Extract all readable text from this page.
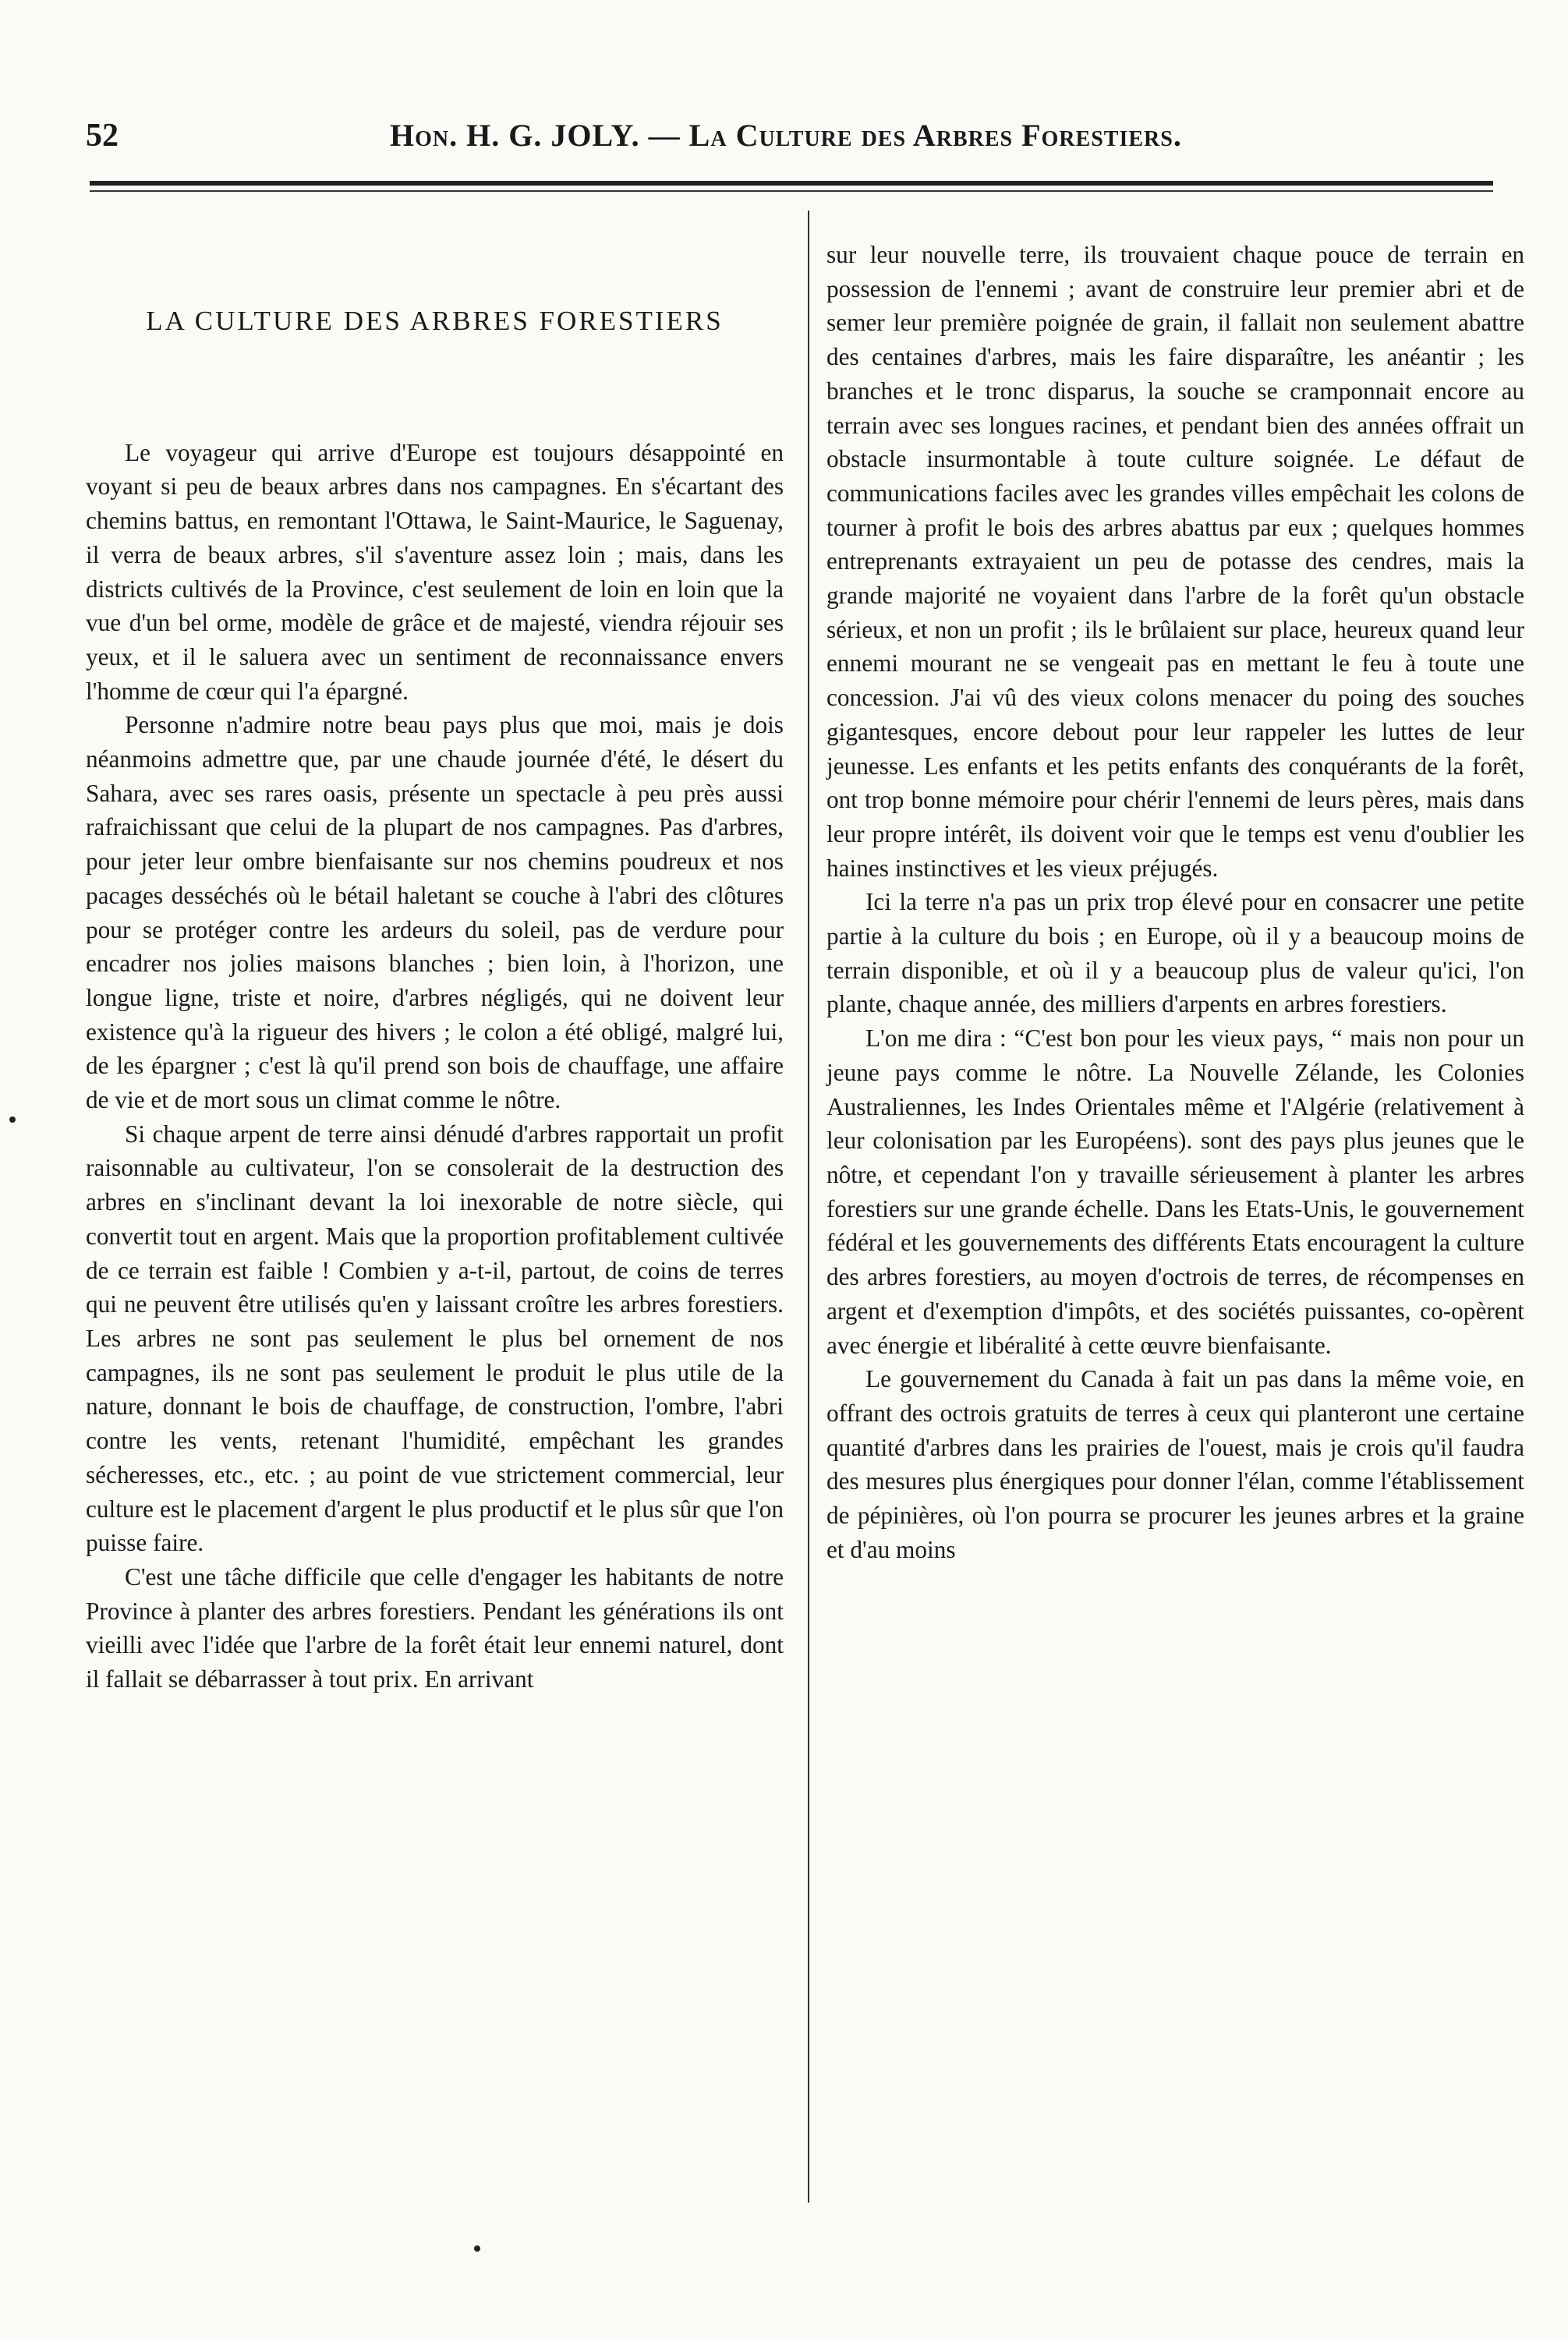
52	Hon. H. G. JOLY. — La Culture des Arbres Forestiers.
LA CULTURE DES ARBRES FORESTIERS

Le voyageur qui arrive d'Europe est toujours désappointé en voyant si peu de beaux arbres dans nos campagnes. En s'écartant des chemins battus, en remontant l'Ottawa, le Saint-Maurice, le Saguenay, il verra de beaux arbres, s'il s'aventure assez loin ; mais, dans les districts cultivés de la Province, c'est seulement de loin en loin que la vue d'un bel orme, modèle de grâce et de majesté, viendra réjouir ses yeux, et il le saluera avec un sentiment de reconnaissance envers l'homme de cœur qui l'a épargné.

Personne n'admire notre beau pays plus que moi, mais je dois néanmoins admettre que, par une chaude journée d'été, le désert du Sahara, avec ses rares oasis, présente un spectacle à peu près aussi rafraichissant que celui de la plupart de nos campagnes. Pas d'arbres, pour jeter leur ombre bienfaisante sur nos chemins poudreux et nos pacages desséchés où le bétail haletant se couche à l'abri des clôtures pour se protéger contre les ardeurs du soleil, pas de verdure pour encadrer nos jolies maisons blanches ; bien loin, à l'horizon, une longue ligne, triste et noire, d'arbres négligés, qui ne doivent leur existence qu'à la rigueur des hivers ; le colon a été obligé, malgré lui, de les épargner ; c'est là qu'il prend son bois de chauffage, une affaire de vie et de mort sous un climat comme le nôtre.

Si chaque arpent de terre ainsi dénudé d'arbres rapportait un profit raisonnable au cultivateur, l'on se consolerait de la destruction des arbres en s'inclinant devant la loi inexorable de notre siècle, qui convertit tout en argent. Mais que la proportion profitablement cultivée de ce terrain est faible ! Combien y a-t-il, partout, de coins de terres qui ne peuvent être utilisés qu'en y laissant croître les arbres forestiers. Les arbres ne sont pas seulement le plus bel ornement de nos campagnes, ils ne sont pas seulement le produit le plus utile de la nature, donnant le bois de chauffage, de construction, l'ombre, l'abri contre les vents, retenant l'humidité, empêchant les grandes sécheresses, etc., etc. ; au point de vue strictement commercial, leur culture est le placement d'argent le plus productif et le plus sûr que l'on puisse faire.

C'est une tâche difficile que celle d'engager les habitants de notre Province à planter des arbres forestiers. Pendant les générations ils ont vieilli avec l'idée que l'arbre de la forêt était leur ennemi naturel, dont il fallait se débarrasser à tout prix. En arrivant

sur leur nouvelle terre, ils trouvaient chaque pouce de terrain en possession de l'ennemi ; avant de construire leur premier abri et de semer leur première poignée de grain, il fallait non seulement abattre des centaines d'arbres, mais les faire disparaître, les anéantir ; les branches et le tronc disparus, la souche se cramponnait encore au terrain avec ses longues racines, et pendant bien des années offrait un obstacle insurmontable à toute culture soignée. Le défaut de communications faciles avec les grandes villes empêchait les colons de tourner à profit le bois des arbres abattus par eux ; quelques hommes entreprenants extrayaient un peu de potasse des cendres, mais la grande majorité ne voyaient dans l'arbre de la forêt qu'un obstacle sérieux, et non un profit ; ils le brûlaient sur place, heureux quand leur ennemi mourant ne se vengeait pas en mettant le feu à toute une concession. J'ai vû des vieux colons menacer du poing des souches gigantesques, encore debout pour leur rappeler les luttes de leur jeunesse. Les enfants et les petits enfants des conquérants de la forêt, ont trop bonne mémoire pour chérir l'ennemi de leurs pères, mais dans leur propre intérêt, ils doivent voir que le temps est venu d'oublier les haines instinctives et les vieux préjugés.

Ici la terre n'a pas un prix trop élevé pour en consacrer une petite partie à la culture du bois ; en Europe, où il y a beaucoup moins de terrain disponible, et où il y a beaucoup plus de valeur qu'ici, l'on plante, chaque année, des milliers d'arpents en arbres forestiers.

L'on me dira : “C'est bon pour les vieux pays, “ mais non pour un jeune pays comme le nôtre. La Nouvelle Zélande, les Colonies Australiennes, les Indes Orientales même et l'Algérie (relativement à leur colonisation par les Européens). sont des pays plus jeunes que le nôtre, et cependant l'on y travaille sérieusement à planter les arbres forestiers sur une grande échelle. Dans les Etats-Unis, le gouvernement fédéral et les gouvernements des différents Etats encouragent la culture des arbres forestiers, au moyen d'octrois de terres, de récompenses en argent et d'exemption d'impôts, et des sociétés puissantes, co-opèrent avec énergie et libéralité à cette œuvre bienfaisante.

Le gouvernement du Canada à fait un pas dans la même voie, en offrant des octrois gratuits de terres à ceux qui planteront une certaine quantité d'arbres dans les prairies de l'ouest, mais je crois qu'il faudra des mesures plus énergiques pour donner l'élan, comme l'établissement de pépinières, où l'on pourra se procurer les jeunes arbres et la graine et d'au moins
